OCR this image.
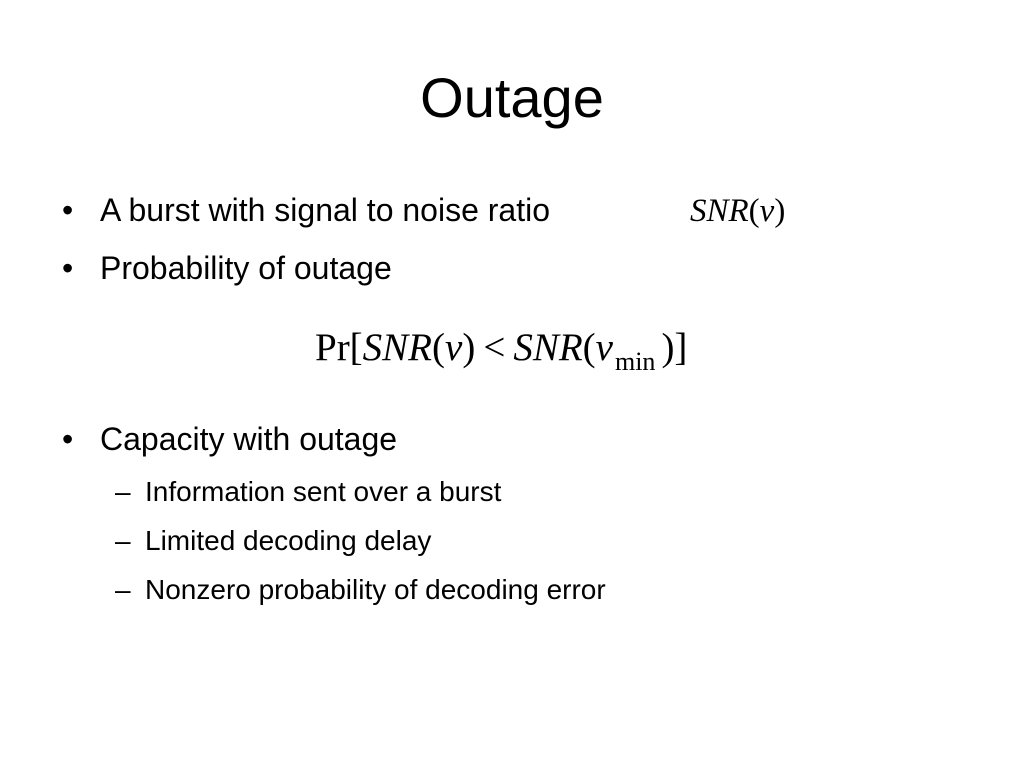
Outage
• A burst with signal to noise ratio	SNR(ν)
• Probability of outage
$Pr[SNR(\nu) < SNR(\nu_{min}$ )]
• Capacity with outage
– Information sent over a burst
– Limited decoding delay
– Nonzero probability of decoding error
